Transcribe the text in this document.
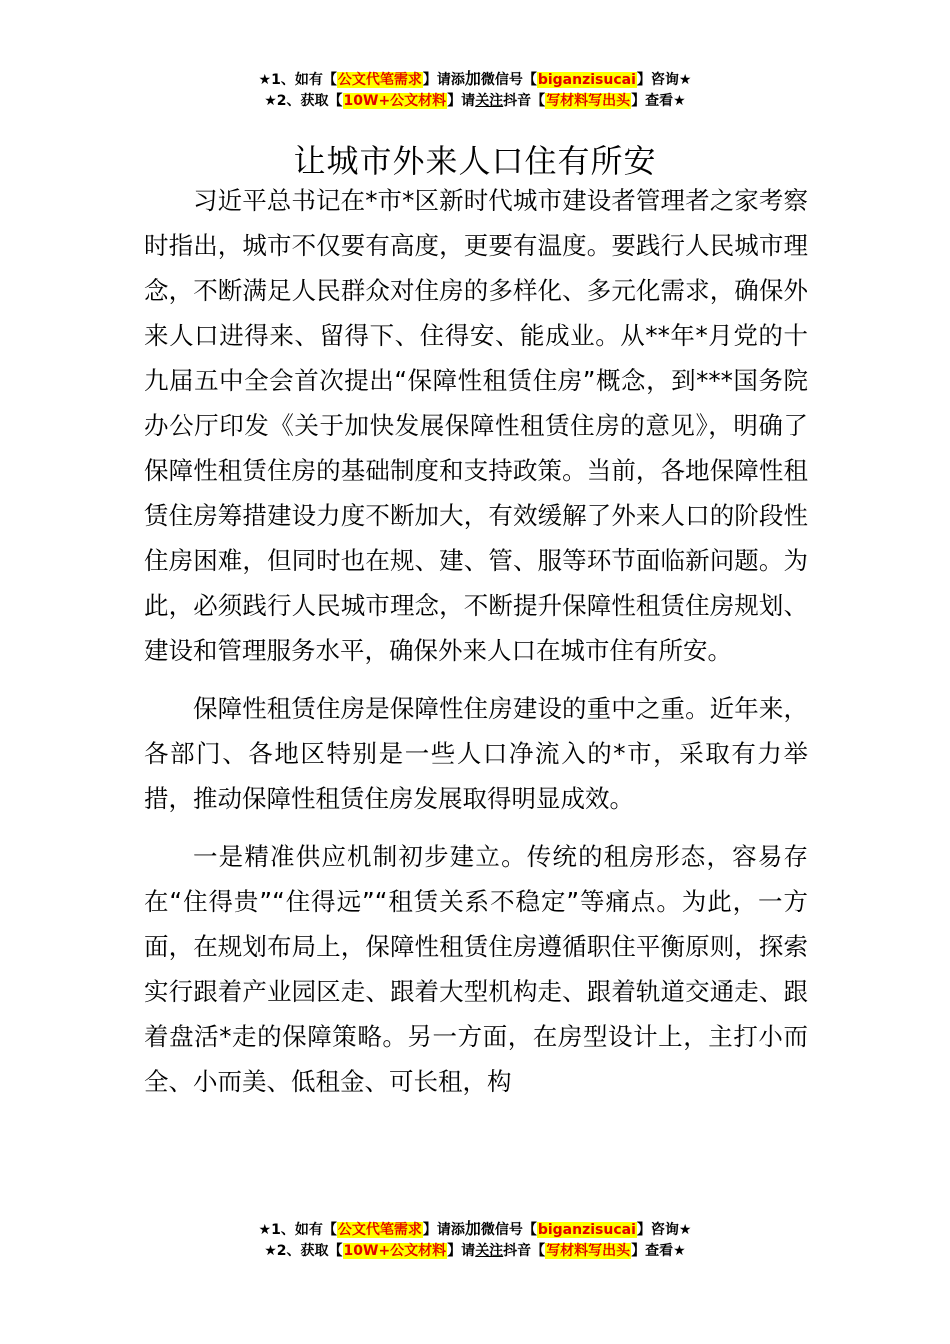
★1、如有【公文代笔需求】请添加微信号【biganzisucai】咨询★
★2、获取【10W+公文材料】请关注抖音【写材料写出头】查看★
让城市外来人口住有所安

习近平总书记在*市*区新时代城市建设者管理者之家考察时指出，城市不仅要有高度，更要有温度。要践行人民城市理念，不断满足人民群众对住房的多样化、多元化需求，确保外来人口进得来、留得下、住得安、能成业。从**年*月党的十九届五中全会首次提出“保障性租赁住房”概念，到***国务院办公厅印发《关于加快发展保障性租赁住房的意见》，明确了保障性租赁住房的基础制度和支持政策。当前，各地保障性租赁住房筹措建设力度不断加大，有效缓解了外来人口的阶段性住房困难，但同时也在规、建、管、服等环节面临新问题。为此，必须践行人民城市理念，不断提升保障性租赁住房规划、建设和管理服务水平，确保外来人口在城市住有所安。

保障性租赁住房是保障性住房建设的重中之重。近年来，各部门、各地区特别是一些人口净流入的*市，采取有力举措，推动保障性租赁住房发展取得明显成效。

一是精准供应机制初步建立。传统的租房形态，容易存在“住得贵”“住得远”“租赁关系不稳定”等痛点。为此，一方面，在规划布局上，保障性租赁住房遵循职住平衡原则，探索实行跟着产业园区走、跟着大型机构走、跟着轨道交通走、跟着盘活*走的保障策略。另一方面，在房型设计上，主打小而全、小而美、低租金、可长租，构

★1、如有【公文代笔需求】请添加微信号【biganzisucai】咨询★
★2、获取【10W+公文材料】请关注抖音【写材料写出头】查看★
